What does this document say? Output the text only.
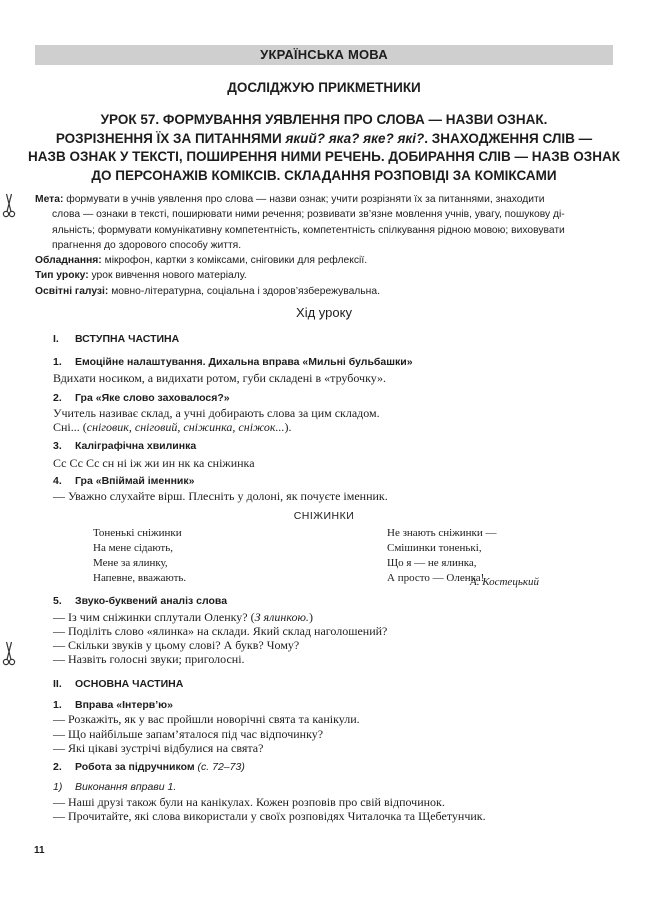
УКРАЇНСЬКА МОВА
ДОСЛІДЖУЮ ПРИКМЕТНИКИ
УРОК 57. ФОРМУВАННЯ УЯВЛЕННЯ ПРО СЛОВА — НАЗВИ ОЗНАК.
РОЗРІЗНЕННЯ ЇХ ЗА ПИТАННЯМИ який? яка? яке? які?. ЗНАХОДЖЕННЯ СЛІВ —
НАЗВ ОЗНАК У ТЕКСТІ, ПОШИРЕННЯ НИМИ РЕЧЕНЬ. ДОБИРАННЯ СЛІВ — НАЗВ ОЗНАК
ДО ПЕРСОНАЖІВ КОМІКСІВ. СКЛАДАННЯ РОЗПОВІДІ ЗА КОМІКСАМИ

Мета: формувати в учнів уявлення про слова — назви ознак; учити розрізняти їх за питаннями, знаходити

слова — ознаки в тексті, поширювати ними речення; розвивати зв’язне мовлення учнів, увагу, пошукову ді-

яльність; формувати комунікативну компетентність, компетентність спілкування рідною мовою; виховувати

прагнення до здорового способу життя.

Обладнання: мікрофон, картки з коміксами, сніговики для рефлексії.

Тип уроку: урок вивчення нового матеріалу.

Освітні галузі: мовно-літературна, соціальна і здоров’язбережувальна.

Хід уроку
I. ВСТУПНА ЧАСТИНА
1. Емоційне налаштування. Дихальна вправа «Мильні бульбашки»
Вдихати носиком, а видихати ротом, губи складені в «трубочку».
2. Гра «Яке слово заховалося?»
Учитель називає склад, а учні добирають слова за цим складом.
Сні... (сніговик, сніговий, сніжинка, сніжок...).
3. Каліграфічна хвилинка
Сс Сс Сс сн ні іж жи ин нк ка сніжинка
4. Гра «Впіймай іменник»
— Уважно слухайте вірш. Плесніть у долоні, як почуєте іменник.
СНІЖИНКИ
Тоненькі сніжинки
На мене сідають,
Мене за ялинку,
Напевне, вважають.
Не знають сніжинки —
Смішинки тоненькі,
Що я — не ялинка,
А просто — Оленка!
А. Костецький
5. Звуко-буквений аналіз слова
— Із чим сніжинки сплутали Оленку? (З ялинкою.)
— Поділіть слово «ялинка» на склади. Який склад наголошений?
— Скільки звуків у цьому слові? А букв? Чому?
— Назвіть голосні звуки; приголосні.
II. ОСНОВНА ЧАСТИНА
1. Вправа «Інтерв’ю»
— Розкажіть, як у вас пройшли новорічні свята та канікули.
— Що найбільше запам’яталося під час відпочинку?
— Які цікаві зустрічі відбулися на свята?
2. Робота за підручником (с. 72–73)
1) Виконання вправи 1.
— Наші друзі також були на канікулах. Кожен розповів про свій відпочинок.
— Прочитайте, які слова використали у своїх розповідях Читалочка та Щебетунчик.
11
